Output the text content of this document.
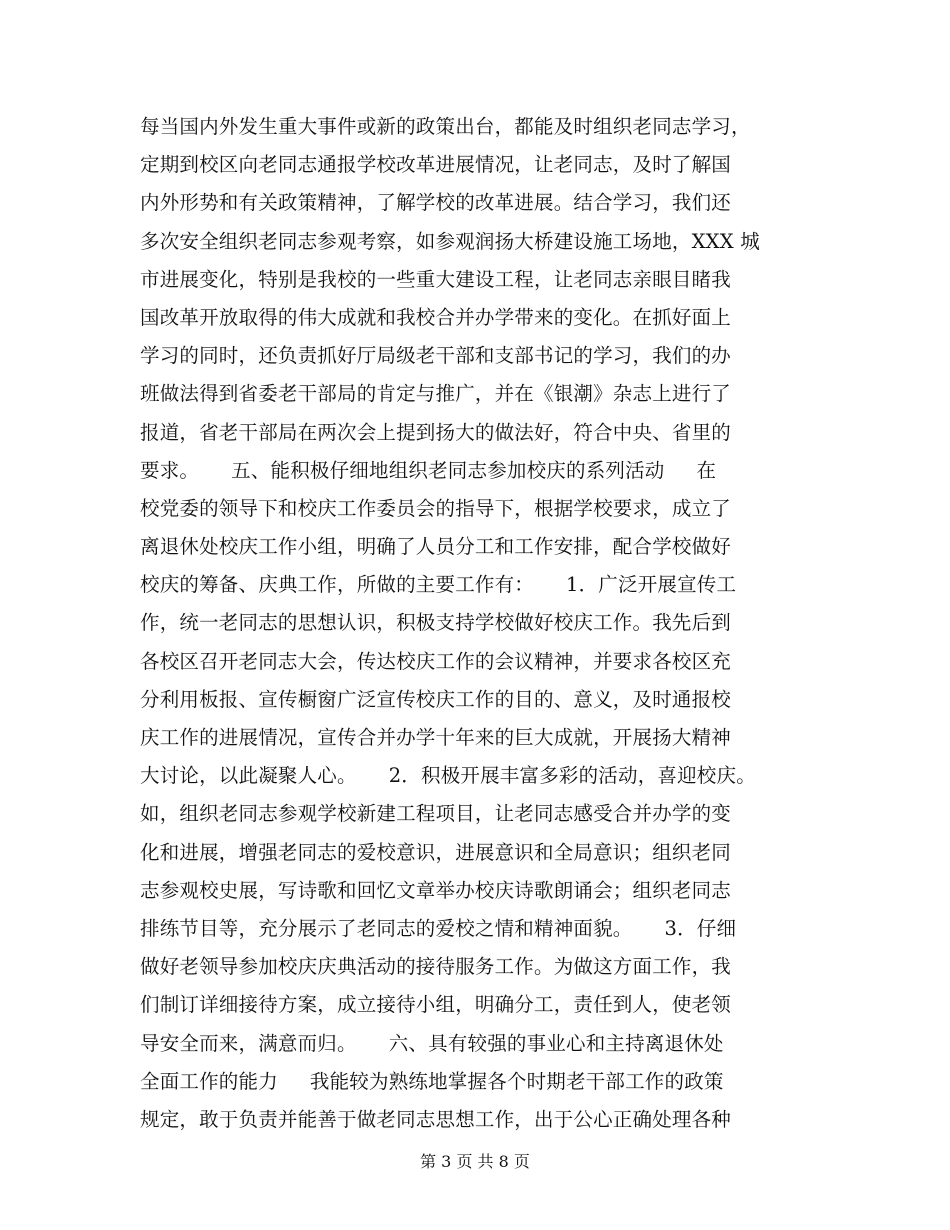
每当国内外发生重大事件或新的政策出台，都能及时组织老同志学习，
定期到校区向老同志通报学校改革进展情况，让老同志，及时了解国
内外形势和有关政策精神，了解学校的改革进展。结合学习，我们还
多次安全组织老同志参观考察，如参观润扬大桥建设施工场地，XXX 城
市进展变化，特别是我校的一些重大建设工程，让老同志亲眼目睹我
国改革开放取得的伟大成就和我校合并办学带来的变化。在抓好面上
学习的同时，还负责抓好厅局级老干部和支部书记的学习，我们的办
班做法得到省委老干部局的肯定与推广，并在《银潮》杂志上进行了
报道，省老干部局在两次会上提到扬大的做法好，符合中央、省里的
要求。     五、能积极仔细地组织老同志参加校庆的系列活动     在
校党委的领导下和校庆工作委员会的指导下，根据学校要求，成立了
离退休处校庆工作小组，明确了人员分工和工作安排，配合学校做好
校庆的筹备、庆典工作，所做的主要工作有：     1．广泛开展宣传工
作，统一老同志的思想认识，积极支持学校做好校庆工作。我先后到
各校区召开老同志大会，传达校庆工作的会议精神，并要求各校区充
分利用板报、宣传橱窗广泛宣传校庆工作的目的、意义，及时通报校
庆工作的进展情况，宣传合并办学十年来的巨大成就，开展扬大精神
大讨论，以此凝聚人心。     2．积极开展丰富多彩的活动，喜迎校庆。
如，组织老同志参观学校新建工程项目，让老同志感受合并办学的变
化和进展，增强老同志的爱校意识，进展意识和全局意识；组织老同
志参观校史展，写诗歌和回忆文章举办校庆诗歌朗诵会；组织老同志
排练节目等，充分展示了老同志的爱校之情和精神面貌。     3．仔细
做好老领导参加校庆庆典活动的接待服务工作。为做这方面工作，我
们制订详细接待方案，成立接待小组，明确分工，责任到人，使老领
导安全而来，满意而归。     六、具有较强的事业心和主持离退休处
全面工作的能力     我能较为熟练地掌握各个时期老干部工作的政策
规定，敢于负责并能善于做老同志思想工作，出于公心正确处理各种
第 3 页 共 8 页
